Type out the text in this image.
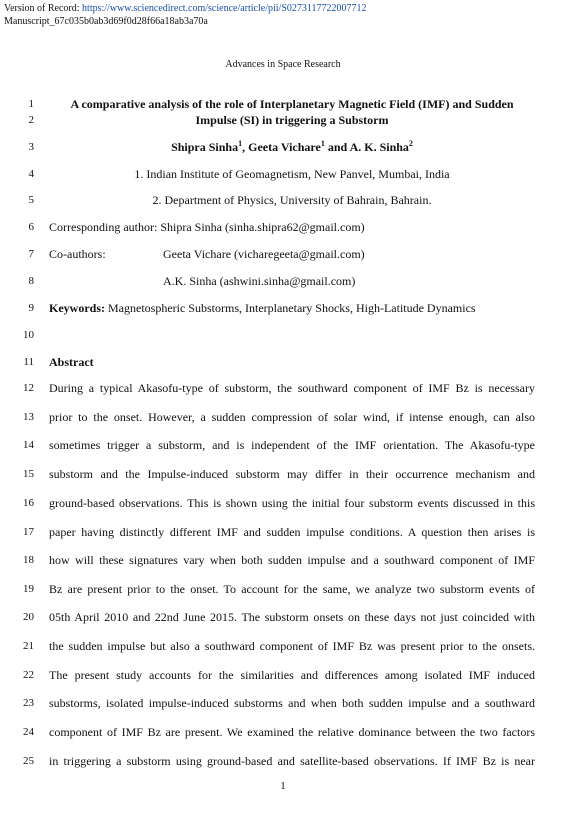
Version of Record: https://www.sciencedirect.com/science/article/pii/S0273117722007712
Manuscript_67c035b0ab3d69f0d28f66a18ab3a70a
Advances in Space Research
1	A comparative analysis of the role of Interplanetary Magnetic Field (IMF) and Sudden
2	Impulse (SI) in triggering a Substorm
3	Shipra Sinha$^1$, Geeta Vichare$^1$ and A. K. Sinha$^2$
4	1. Indian Institute of Geomagnetism, New Panvel, Mumbai, India
5	2. Department of Physics, University of Bahrain, Bahrain.
6 Corresponding author: Shipra Sinha (sinha.shipra62@gmail.com)
7 Co-authors:	Geeta Vichare (vicharegeeta@gmail.com)
8	A.K. Sinha (ashwini.sinha@gmail.com)
9 Keywords: Magnetospheric Substorms, Interplanetary Shocks, High-Latitude Dynamics
10
11 Abstract
12 During a typical Akasofu-type of substorm, the southward component of IMF Bz is necessary
13 prior to the onset. However, a sudden compression of solar wind, if intense enough, can also
14 sometimes trigger a substorm, and is independent of the IMF orientation. The Akasofu-type
15 substorm and the Impulse-induced substorm may differ in their occurrence mechanism and
16 ground-based observations. This is shown using the initial four substorm events discussed in this
17 paper having distinctly different IMF and sudden impulse conditions. A question then arises is
18 how will these signatures vary when both sudden impulse and a southward component of IMF
19 Bz are present prior to the onset. To account for the same, we analyze two substorm events of
20 05th April 2010 and 22nd June 2015. The substorm onsets on these days not just coincided with
21 the sudden impulse but also a southward component of IMF Bz was present prior to the onsets.
22 The present study accounts for the similarities and differences among isolated IMF induced
23 substorms, isolated impulse-induced substorms and when both sudden impulse and a southward
24 component of IMF Bz are present. We examined the relative dominance between the two factors
25 in triggering a substorm using ground-based and satellite-based observations. If IMF Bz is near
1
